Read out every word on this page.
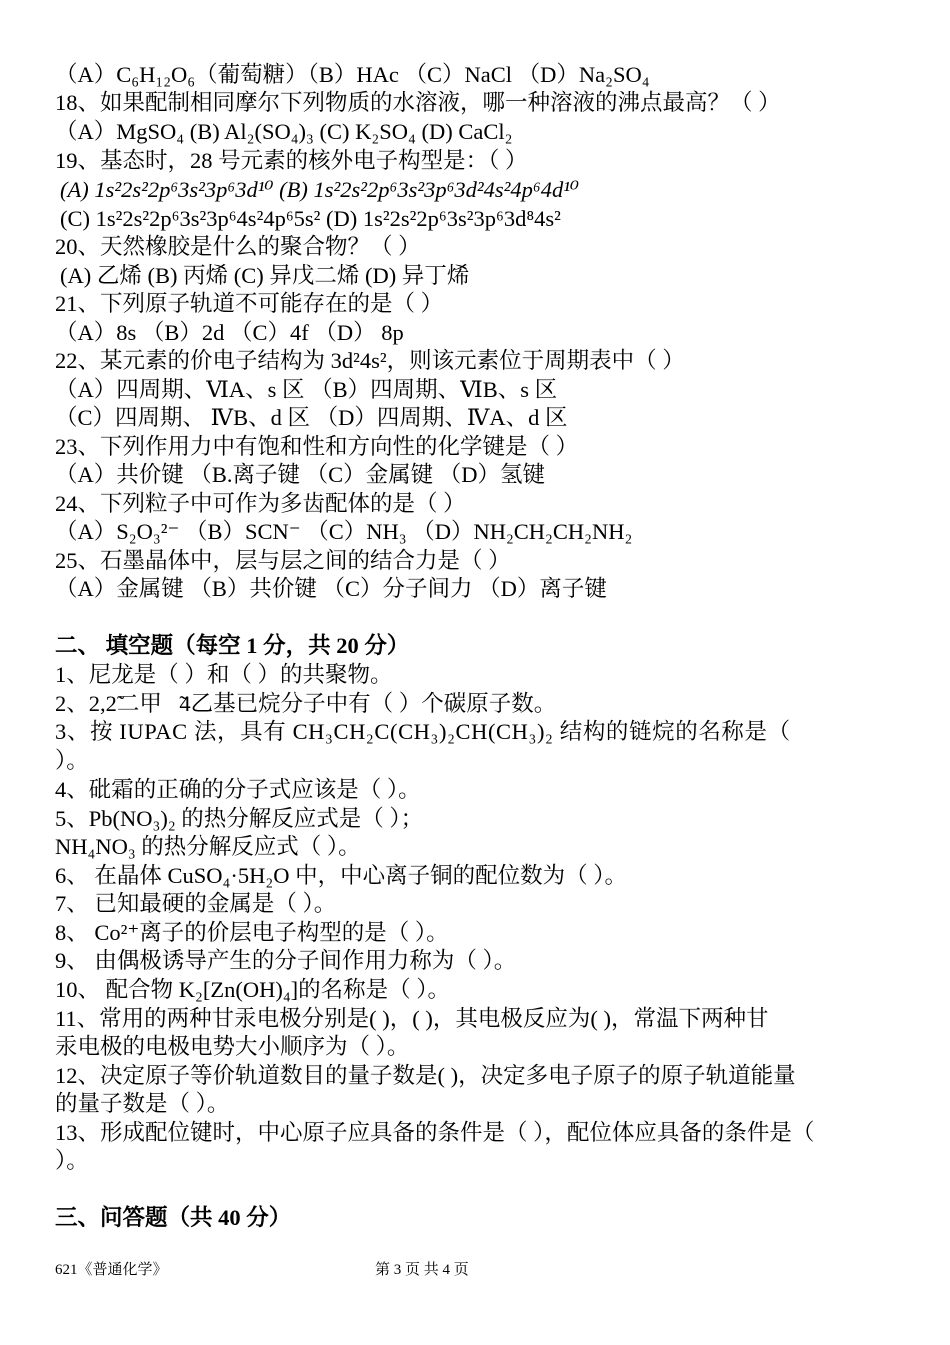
（A）C₆H₁₂O₆（葡萄糖）（B）HAc （C）NaCl （D）Na₂SO₄
18、如果配制相同摩尔下列物质的水溶液，哪一种溶液的沸点最高？（ ）
（A）MgSO₄ (B) Al₂(SO₄)₃ (C) K₂SO₄ (D) CaCl₂
19、基态时，28 号元素的核外电子构型是：（ ）
(A) 1s²2s²2p⁶3s²3p⁶3d¹⁰ (B) 1s²2s²2p⁶3s²3p⁶3d²4s²4p⁶4d¹⁰
(C) 1s²2s²2p⁶3s²3p⁶4s²4p⁶5s² (D) 1s²2s²2p⁶3s²3p⁶3d⁸4s²
20、天然橡胶是什么的聚合物？（ ）
(A) 乙烯 (B) 丙烯 (C) 异戊二烯 (D) 异丁烯
21、下列原子轨道不可能存在的是（ ）
（A）8s （B）2d （C）4f （D） 8p
22、某元素的价电子结构为 3d²4s²，则该元素位于周期表中（ ）
（A）四周期、ⅥA、s 区 （B）四周期、ⅥB、s 区
（C）四周期、 ⅣB、d 区 （D）四周期、ⅣA、d 区
23、下列作用力中有饱和性和方向性的化学键是（ ）
（A）共价键 （B.离子键 （C）金属键 （D）氢键
24、下列粒子中可作为多齿配体的是（ ）
（A）S₂O₃²⁻ （B）SCN⁻ （C）NH₃ （D）NH₂CH₂CH₂NH₂
25、石墨晶体中，层与层之间的结合力是（ ）
（A）金属键 （B）共价键 （C）分子间力 （D）离子键
二、 填空题（每空 1 分，共 20 分）
1、尼龙是（ ）和（ ）的共聚物。
2、2,2̃二甲基̃4乙基已烷分子中有（ ）个碳原子数。
3、按 IUPAC 法，具有 CH₃CH₂C(CH₃)₂CH(CH₃)₂ 结构的链烷的名称是（
）。
4、砒霜的正确的分子式应该是（ ）。
5、Pb(NO₃)₂ 的热分解反应式是（ ）；
NH₄NO₃ 的热分解反应式（ ）。
6、 在晶体 CuSO₄·5H₂O 中，中心离子铜的配位数为（ ）。
7、 已知最硬的金属是（ ）。
8、 Co²⁺离子的价层电子构型的是（ ）。
9、 由偶极诱导产生的分子间作用力称为（ ）。
10、 配合物 K₂[Zn(OH)₄]的名称是（ ）。
11、常用的两种甘汞电极分别是( )，( )，其电极反应为( )，常温下两种甘
汞电极的电极电势大小顺序为（ ）。
12、决定原子等价轨道数目的量子数是( )，决定多电子原子的原子轨道能量
的量子数是（ ）。
13、形成配位键时，中心原子应具备的条件是（ ），配位体应具备的条件是（
）。
三、问答题（共 40 分）
621《普通化学》	第 3 页 共 4 页
